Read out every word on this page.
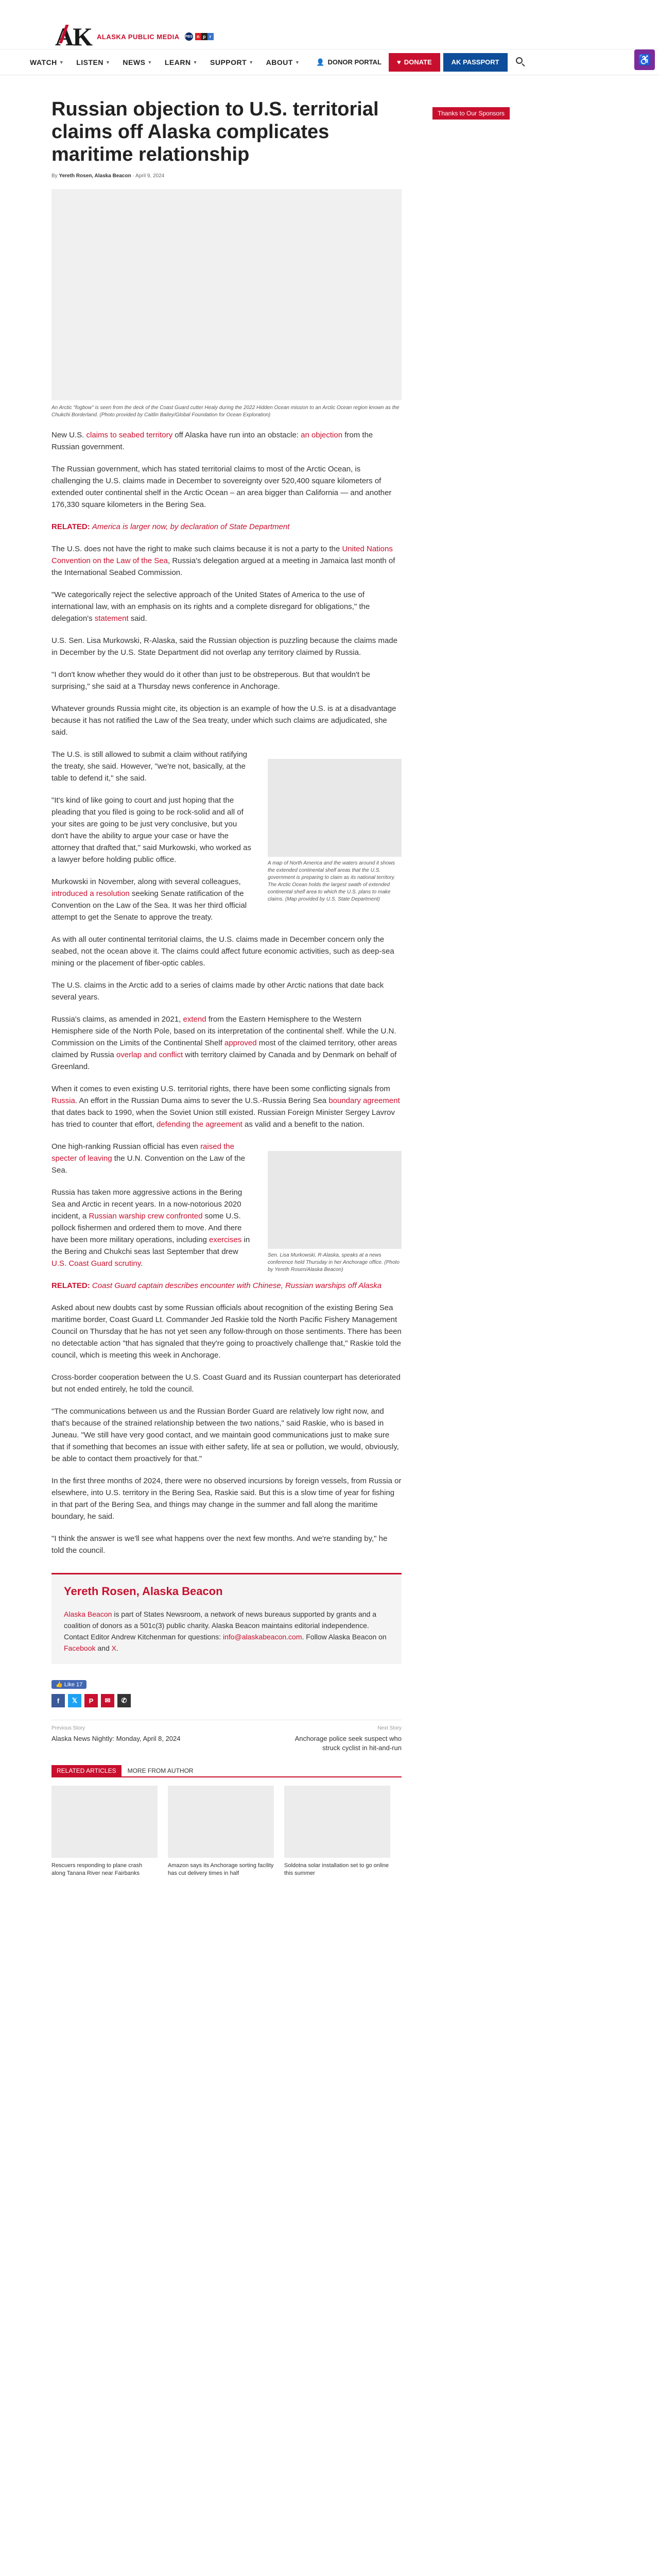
AK ALASKA PUBLIC MEDIA PBS n p r
WATCH ▼ LISTEN ▼ NEWS ▼ LEARN ▼ SUPPORT ▼ ABOUT ▼ 👤 DONOR PORTAL ♥ DONATE	AK PASSPORT	♿
Thanks to Our Sponsors
Russian objection to U.S. territorial claims off Alaska complicates maritime relationship
By Yereth Rosen, Alaska Beacon · April 9, 2024
An Arctic "fogbow" is seen from the deck of the Coast Guard cutter Healy during the 2022 Hidden Ocean mission to an Arctic Ocean region known as the Chukchi Borderland. (Photo provided by Caitlin Bailey/Global Foundation for Ocean Exploration)

New U.S. claims to seabed territory off Alaska have run into an obstacle: an objection from the Russian government.

The Russian government, which has stated territorial claims to most of the Arctic Ocean, is challenging the U.S. claims made in December to sovereignty over 520,400 square kilometers of extended outer continental shelf in the Arctic Ocean – an area bigger than California — and another 176,330 square kilometers in the Bering Sea.

RELATED: America is larger now, by declaration of State Department

The U.S. does not have the right to make such claims because it is not a party to the United Nations Convention on the Law of the Sea, Russia's delegation argued at a meeting in Jamaica last month of the International Seabed Commission.

"We categorically reject the selective approach of the United States of America to the use of international law, with an emphasis on its rights and a complete disregard for obligations," the delegation's statement said.

U.S. Sen. Lisa Murkowski, R-Alaska, said the Russian objection is puzzling because the claims made in December by the U.S. State Department did not overlap any territory claimed by Russia.

"I don't know whether they would do it other than just to be obstreperous. But that wouldn't be surprising," she said at a Thursday news conference in Anchorage.

Whatever grounds Russia might cite, its objection is an example of how the U.S. is at a disadvantage because it has not ratified the Law of the Sea treaty, under which such claims are adjudicated, she said.

A map of North America and the waters around it shows the extended continental shelf areas that the U.S. government is preparing to claim as its national territory. The Arctic Ocean holds the largest swath of extended continental shelf area to which the U.S. plans to make claims. (Map provided by U.S. State Department)

The U.S. is still allowed to submit a claim without ratifying the treaty, she said. However, "we're not, basically, at the table to defend it," she said.

"It's kind of like going to court and just hoping that the pleading that you filed is going to be rock-solid and all of your sites are going to be just very conclusive, but you don't have the ability to argue your case or have the attorney that drafted that," said Murkowski, who worked as a lawyer before holding public office.

Murkowski in November, along with several colleagues, introduced a resolution seeking Senate ratification of the Convention on the Law of the Sea. It was her third official attempt to get the Senate to approve the treaty.

As with all outer continental territorial claims, the U.S. claims made in December concern only the seabed, not the ocean above it. The claims could affect future economic activities, such as deep-sea mining or the placement of fiber-optic cables.

The U.S. claims in the Arctic add to a series of claims made by other Arctic nations that date back several years.

Russia's claims, as amended in 2021, extend from the Eastern Hemisphere to the Western Hemisphere side of the North Pole, based on its interpretation of the continental shelf. While the U.N. Commission on the Limits of the Continental Shelf approved most of the claimed territory, other areas claimed by Russia overlap and conflict with territory claimed by Canada and by Denmark on behalf of Greenland.

When it comes to even existing U.S. territorial rights, there have been some conflicting signals from Russia. An effort in the Russian Duma aims to sever the U.S.-Russia Bering Sea boundary agreement that dates back to 1990, when the Soviet Union still existed. Russian Foreign Minister Sergey Lavrov has tried to counter that effort, defending the agreement as valid and a benefit to the nation.

Sen. Lisa Murkowski, R-Alaska, speaks at a news conference held Thursday in her Anchorage office. (Photo by Yereth Rosen/Alaska Beacon)

One high-ranking Russian official has even raised the specter of leaving the U.N. Convention on the Law of the Sea.

Russia has taken more aggressive actions in the Bering Sea and Arctic in recent years. In a now-notorious 2020 incident, a Russian warship crew confronted some U.S. pollock fishermen and ordered them to move. And there have been more military operations, including exercises in the Bering and Chukchi seas last September that drew U.S. Coast Guard scrutiny.

RELATED: Coast Guard captain describes encounter with Chinese, Russian warships off Alaska

Asked about new doubts cast by some Russian officials about recognition of the existing Bering Sea maritime border, Coast Guard Lt. Commander Jed Raskie told the North Pacific Fishery Management Council on Thursday that he has not yet seen any follow-through on those sentiments. There has been no detectable action "that has signaled that they're going to proactively challenge that," Raskie told the council, which is meeting this week in Anchorage.

Cross-border cooperation between the U.S. Coast Guard and its Russian counterpart has deteriorated but not ended entirely, he told the council.

"The communications between us and the Russian Border Guard are relatively low right now, and that's because of the strained relationship between the two nations," said Raskie, who is based in Juneau. "We still have very good contact, and we maintain good communications just to make sure that if something that becomes an issue with either safety, life at sea or pollution, we would, obviously, be able to contact them proactively for that."

In the first three months of 2024, there were no observed incursions by foreign vessels, from Russia or elsewhere, into U.S. territory in the Bering Sea, Raskie said. But this is a slow time of year for fishing in that part of the Bering Sea, and things may change in the summer and fall along the maritime boundary, he said.

"I think the answer is we'll see what happens over the next few months. And we're standing by," he told the council.

Yereth Rosen, Alaska Beacon
Alaska Beacon is part of States Newsroom, a network of news bureaus supported by grants and a coalition of donors as a 501c(3) public charity. Alaska Beacon maintains editorial independence. Contact Editor Andrew Kitchenman for questions: info@alaskabeacon.com. Follow Alaska Beacon on Facebook and X.
👍 Like 17
f	𝕏	P	✉	✆
Previous Story
Alaska News Nightly: Monday, April 8, 2024
Next Story
Anchorage police seek suspect who struck cyclist in hit-and-run
RELATED ARTICLES	MORE FROM AUTHOR
Rescuers responding to plane crash along Tanana River near Fairbanks
Amazon says its Anchorage sorting facility has cut delivery times in half
Soldotna solar installation set to go online this summer
